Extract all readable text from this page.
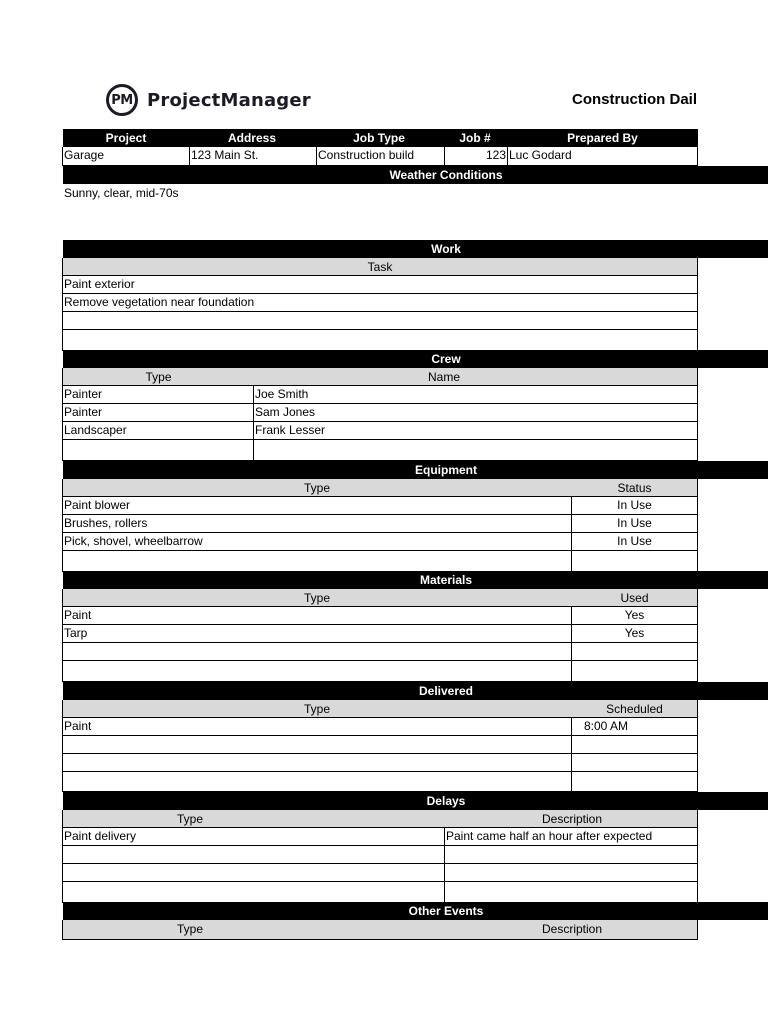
PM ProjectManager	Construction Dail
Project	Address	Job Type	Job #	Prepared By
Garage	123 Main St.	Construction build	123 Luc Godard
Weather Conditions
Sunny, clear, mid-70s
Work
Task
Paint exterior
Remove vegetation near foundation
Crew
Type	Name
Painter	Joe Smith
Painter	Sam Jones
Landscaper	Frank Lesser
Equipment
Type	Status
Paint blower	In Use
Brushes, rollers	In Use
Pick, shovel, wheelbarrow	In Use
Materials
Type	Used
Paint	Yes
Tarp	Yes
Delivered
Type	Scheduled
Paint	8:00 AM
Delays
Type	Description
Paint delivery	Paint came half an hour after expected
Other Events
Type	Description
